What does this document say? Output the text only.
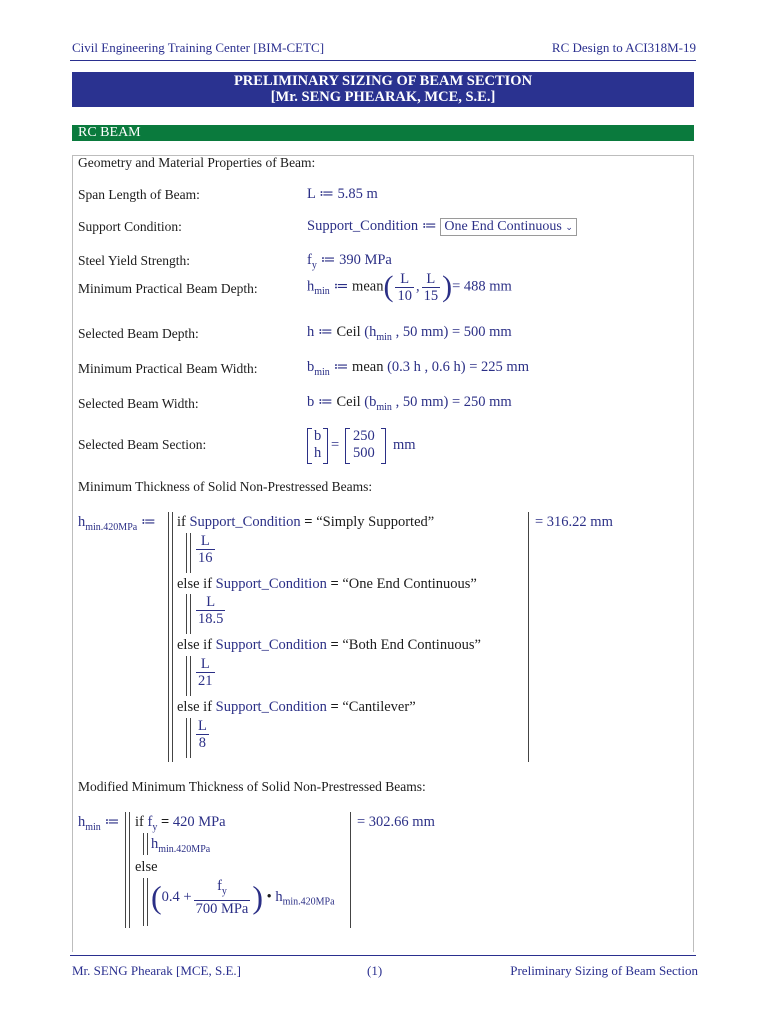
Civil Engineering Training Center [BIM-CETC]	RC Design to ACI318M-19
PRELIMINARY SIZING OF BEAM SECTION
[Mr. SENG PHEARAK, MCE, S.E.]
RC BEAM
Geometry and Material Properties of Beam:
Span Length of Beam:	L ≔ 5.85 m
Support Condition:	Support_Condition ≔ One End Continuous ⌄
Steel Yield Strength:	$f_y$ ≔ 390 MPa
Minimum Practical Beam Depth:	$h_{min}$ ≔ mean( $\frac{L}{10}$ , $\frac{L}{15}$ )= 488 mm
Selected Beam Depth:	h ≔ Ceil ($h_{min}$ , 50 mm) = 500 mm
Minimum Practical Beam Width:	$b_{min}$ ≔ mean (0.3 h , 0.6 h) = 225 mm
Selected Beam Width:	b ≔ Ceil ($b_{min}$ , 50 mm) = 250 mm
Selected Beam Section:
b
h =
250
500 mm
Minimum Thickness of Solid Non-Prestressed Beams:
$h_{min.420MPa}$ ≔ if Support_Condition = “Simply Supported”
$\frac{L}{16}$
else if Support_Condition = “One End Continuous”
$\frac{L}{18.5}$
else if Support_Condition = “Both End Continuous”
$\frac{L}{21}$
else if Support_Condition = “Cantilever”
$\frac{L}{8}$
= 316.22 mm
Modified Minimum Thickness of Solid Non-Prestressed Beams:
$h_{min}$ ≔ if $f_y = 420$ MPa
$h_{min.420MPa}$
else
($0.4 + \frac{f_y}{\text{700 MPa}}$ ) • $h_{min.420MPa}$
= 302.66 mm
Mr. SENG Phearak [MCE, S.E.]	(1)	Preliminary Sizing of Beam Section
